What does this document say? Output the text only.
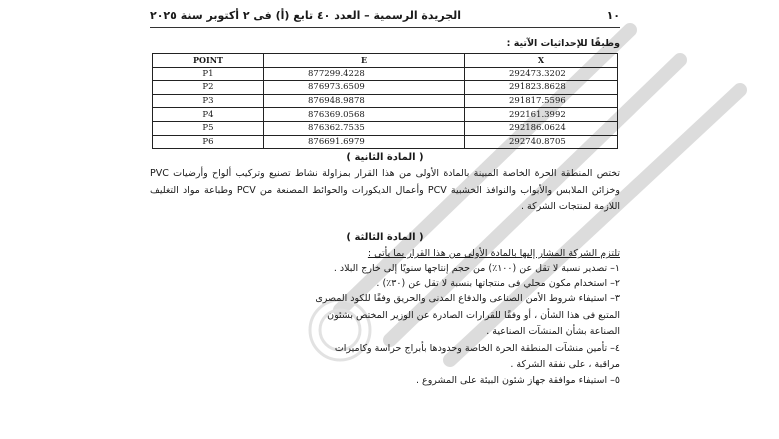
١٠
الجريدة الرسمية – العدد ٤٠ تابع (أ) فى ٢ أكتوبر سنة ٢٠٢٥
وطبقًا للإحداثيات الآتية :
POINT	E	X
P1	877299.4228	292473.3202
P2	876973.6509	291823.8628
P3	876948.9878	291817.5596
P4	876369.0568	292161.3992
P5	876362.7535	292186.0624
P6	876691.6979	292740.8705
( المادة الثانية )
تختص المنطقة الحرة الخاصة المبينة بالمادة الأولى من هذا القرار بمزاولة نشاط تصنيع وتركيب ألواح وأرضيات PVC وخزائن الملابس والأبواب والنوافذ الخشبية PCV وأعمال الديكورات والحوائط المصنعة من PCV وطباعة مواد التغليف اللازمة لمنتجات الشركة .
( المادة الثالثة )
تلتزم الشركة المشار إليها بالمادة الأولى من هذا القرار بما يأتي :
١– تصدير نسبة لا تقل عن (١٠٠٪) من حجم إنتاجها سنويًا إلى خارج البلاد .
٢– استخدام مكون محلي فى منتجاتها بنسبة لا تقل عن (٣٠٪) .
٣– استيفاء شروط الأمن الصناعى والدفاع المدنى والحريق وفقًا للكود المصرى
المتبع فى هذا الشأن ، أو وفقًا للقرارات الصادرة عن الوزير المختص بشئون
الصناعة بشأن المنشآت الصناعية .
٤– تأمين منشآت المنطقة الحرة الخاصة وحدودها بأبراج حراسة وكاميرات
مراقبة ، على نفقة الشركة .
٥– استيفاء موافقة جهاز شئون البيئة على المشروع .
